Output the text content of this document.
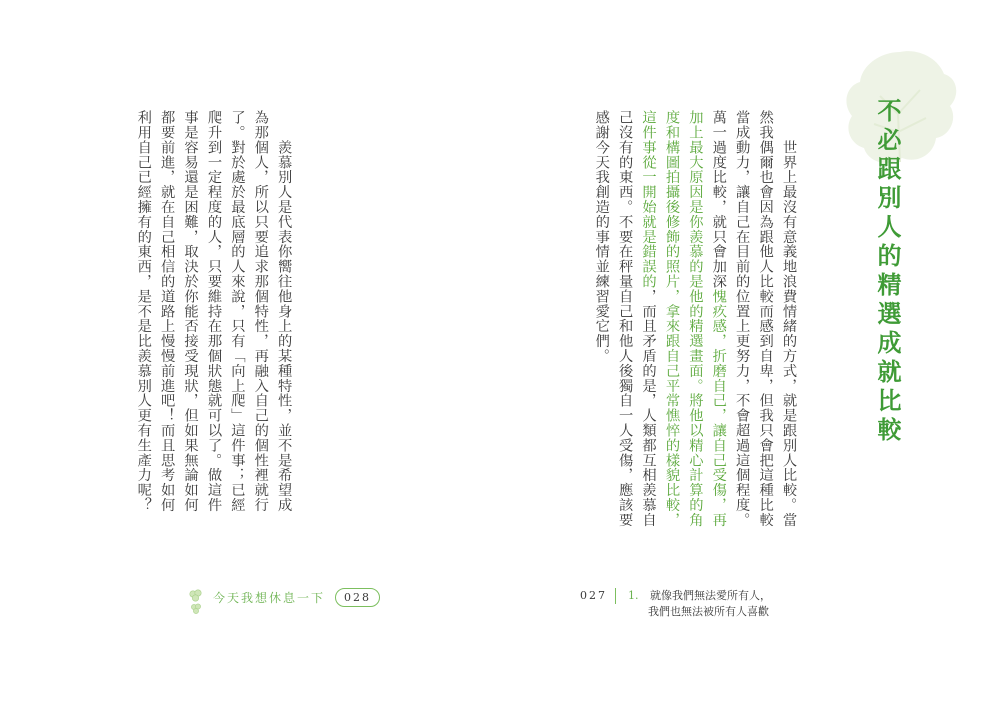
　　羨慕別人是代表你嚮往他身上的某種特性，並不是希望成為那個人，所以只要追求那個特性，再融入自己的個性裡就行了。對於處於最底層的人來說，只有「向上爬」這件事；已經爬升到一定程度的人，只要維持在那個狀態就可以了。做這件事是容易還是困難，取決於你能否接受現狀，但如果無論如何都要前進，就在自己相信的道路上慢慢前進吧！而且思考如何利用自己已經擁有的東西，是不是比羨慕別人更有生產力呢？

今天我想休息一下	028
不必跟別人的精選成就比較
　　世界上最沒有意義地浪費情緒的方式，就是跟別人比較。當然我偶爾也會因為跟他人比較而感到自卑，但我只會把這種比較當成動力，讓自己在目前的位置上更努力，不會超過這個程度。萬一過度比較，就只會加深愧疚感，折磨自己，讓自己受傷，再加上最大原因是你羨慕的是他的精選畫面。將他以精心計算的角度和構圖拍攝後修飾的照片，拿來跟自己平常憔悴的樣貌比較，這件事從一開始就是錯誤的，而且矛盾的是，人類都互相羨慕自己沒有的東西。不要在秤量自己和他人後獨自一人受傷，應該要感謝今天我創造的事情並練習愛它們。
027	1. 就像我們無法愛所有人，
我們也無法被所有人喜歡
